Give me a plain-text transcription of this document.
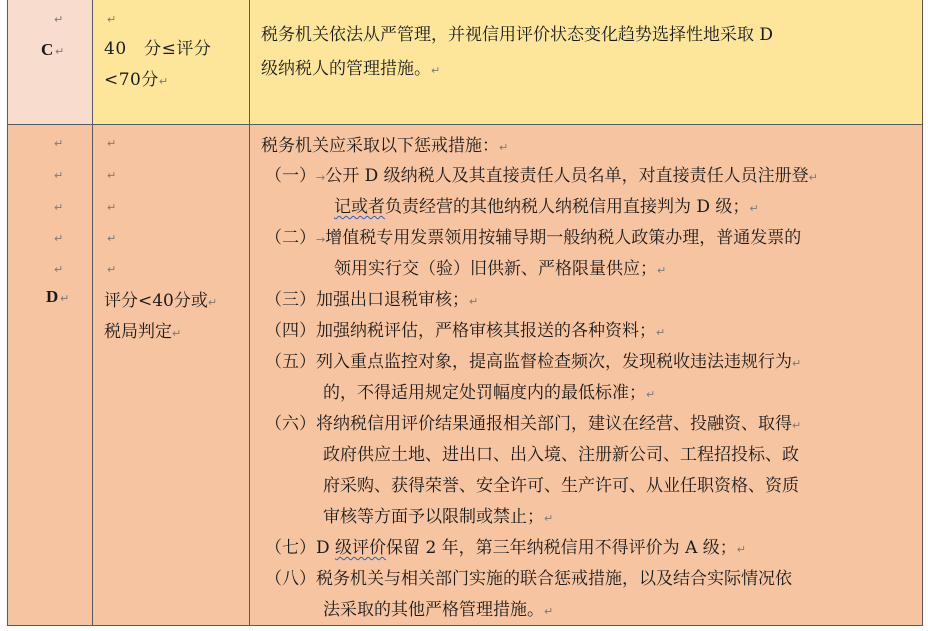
↵
C ↵
↵
40　分≤评分
<70分↵
税务机关依法从严管理，并视信用评价状态变化趋势选择性地采取 D
级纳税人的管理措施。↵
↵
↵
↵
↵
↵
D ↵
↵
↵
↵
↵
↵
评分<40分或↵
税局判定↵
税务机关应采取以下惩戒措施：↵
（一）→公开 D 级纳税人及其直接责任人员名单，对直接责任人员注册登↵
记或者负责经营的其他纳税人纳税信用直接判为 D 级；↵
（二）→增值税专用发票领用按辅导期一般纳税人政策办理，普通发票的
领用实行交（验）旧供新、严格限量供应；↵
（三）加强出口退税审核；↵
（四）加强纳税评估，严格审核其报送的各种资料；↵
（五）列入重点监控对象，提高监督检查频次，发现税收违法违规行为↵
的，不得适用规定处罚幅度内的最低标准；↵
（六）将纳税信用评价结果通报相关部门，建议在经营、投融资、取得↵
政府供应土地、进出口、出入境、注册新公司、工程招投标、政
府采购、获得荣誉、安全许可、生产许可、从业任职资格、资质
审核等方面予以限制或禁止；↵
（七）D 级评价保留 2 年，第三年纳税信用不得评价为 A 级；↵
（八）税务机关与相关部门实施的联合惩戒措施，以及结合实际情况依
法采取的其他严格管理措施。↵
